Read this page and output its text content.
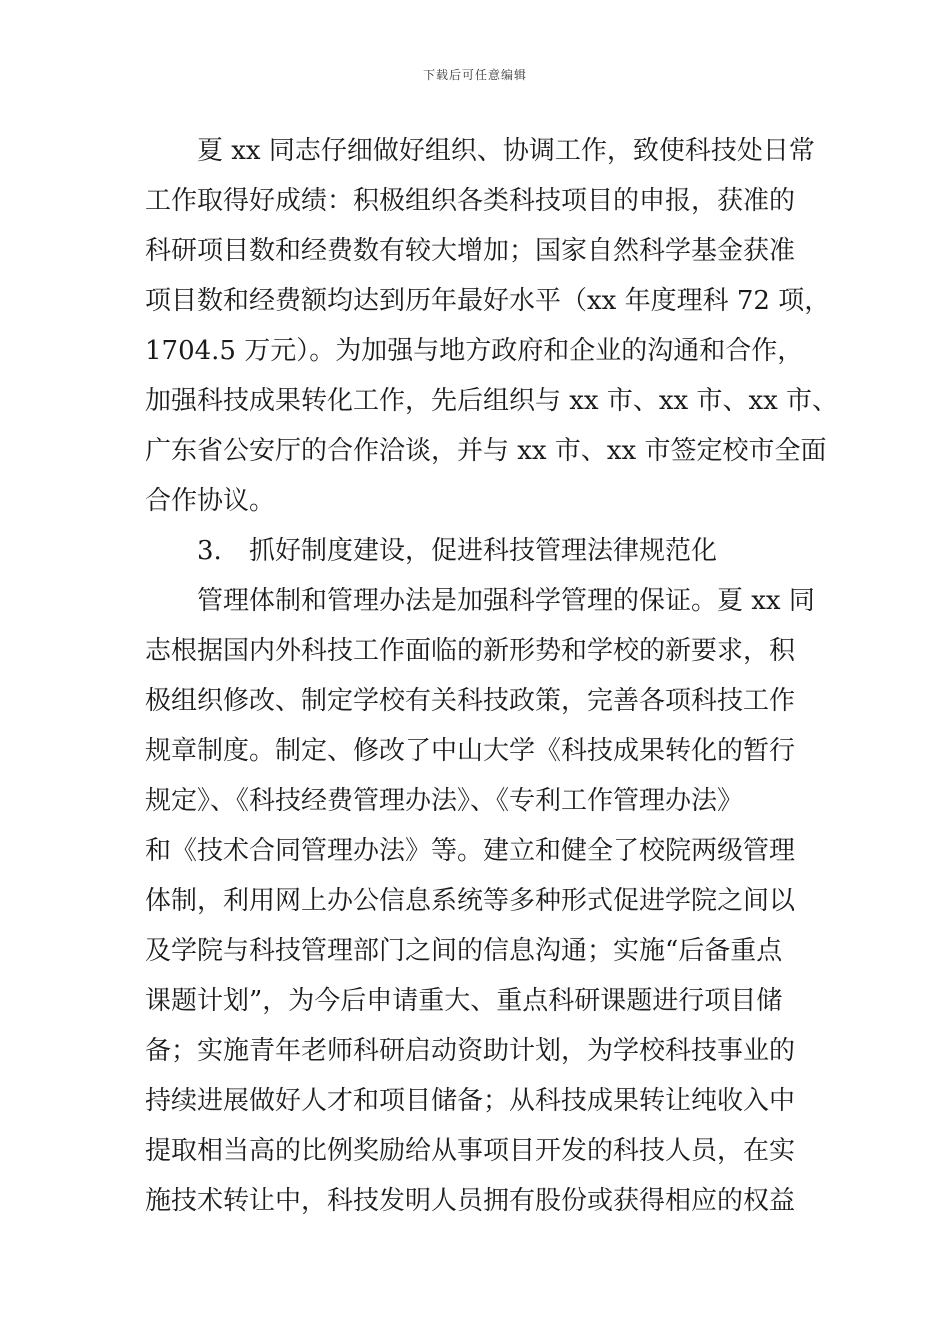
下载后可任意编辑
夏 xx 同志仔细做好组织、协调工作，致使科技处日常
工作取得好成绩：积极组织各类科技项目的申报，获准的
科研项目数和经费数有较大增加；国家自然科学基金获准
项目数和经费额均达到历年最好水平（xx 年度理科 72 项，
1704.5 万元）。为加强与地方政府和企业的沟通和合作，
加强科技成果转化工作，先后组织与 xx 市、xx 市、xx 市、
广东省公安厅的合作洽谈，并与 xx 市、xx 市签定校市全面
合作协议。
3. 抓好制度建设，促进科技管理法律规范化
管理体制和管理办法是加强科学管理的保证。夏 xx 同
志根据国内外科技工作面临的新形势和学校的新要求，积
极组织修改、制定学校有关科技政策，完善各项科技工作
规章制度。制定、修改了中山大学《科技成果转化的暂行
规定》、《科技经费管理办法》、《专利工作管理办法》
和《技术合同管理办法》等。建立和健全了校院两级管理
体制，利用网上办公信息系统等多种形式促进学院之间以
及学院与科技管理部门之间的信息沟通；实施“后备重点
课题计划”，为今后申请重大、重点科研课题进行项目储
备；实施青年老师科研启动资助计划，为学校科技事业的
持续进展做好人才和项目储备；从科技成果转让纯收入中
提取相当高的比例奖励给从事项目开发的科技人员，在实
施技术转让中，科技发明人员拥有股份或获得相应的权益
